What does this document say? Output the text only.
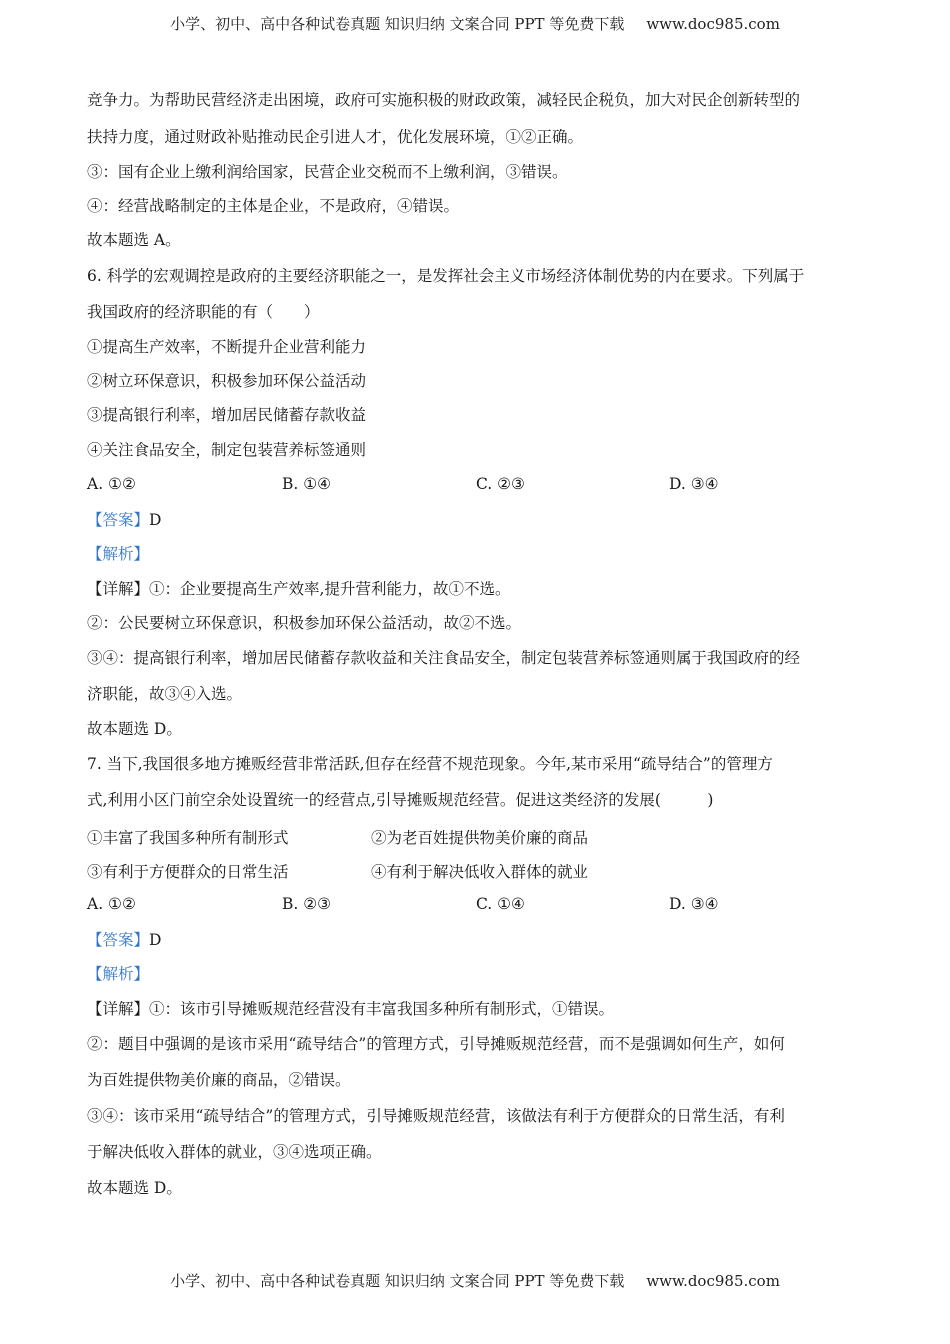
小学、初中、高中各种试卷真题 知识归纳 文案合同 PPT 等免费下载 www.doc985.com
竞争力。为帮助民营经济走出困境，政府可实施积极的财政政策，减轻民企税负，加大对民企创新转型的
扶持力度，通过财政补贴推动民企引进人才，优化发展环境，①②正确。
③：国有企业上缴利润给国家，民营企业交税而不上缴利润，③错误。
④：经营战略制定的主体是企业，不是政府，④错误。
故本题选 A。
6. 科学的宏观调控是政府的主要经济职能之一，是发挥社会主义市场经济体制优势的内在要求。下列属于
我国政府的经济职能的有（　　）
①提高生产效率，不断提升企业营利能力
②树立环保意识，积极参加环保公益活动
③提高银行利率，增加居民储蓄存款收益
④关注食品安全，制定包装营养标签通则
A. ①②	B. ①④	C. ②③	D. ③④
【答案】D
【解析】
【详解】①：企业要提高生产效率,提升营利能力，故①不选。
②：公民要树立环保意识，积极参加环保公益活动，故②不选。
③④：提高银行利率，增加居民储蓄存款收益和关注食品安全，制定包装营养标签通则属于我国政府的经
济职能，故③④入选。
故本题选 D。
7. 当下,我国很多地方摊贩经营非常活跃,但存在经营不规范现象。今年,某市采用“疏导结合”的管理方
式,利用小区门前空余处设置统一的经营点,引导摊贩规范经营。促进这类经济的发展(　　　)
①丰富了我国多种所有制形式	②为老百姓提供物美价廉的商品
③有利于方便群众的日常生活	④有利于解决低收入群体的就业
A. ①②	B. ②③	C. ①④	D. ③④
【答案】D
【解析】
【详解】①：该市引导摊贩规范经营没有丰富我国多种所有制形式，①错误。
②：题目中强调的是该市采用“疏导结合”的管理方式，引导摊贩规范经营，而不是强调如何生产，如何
为百姓提供物美价廉的商品，②错误。
③④：该市采用“疏导结合”的管理方式，引导摊贩规范经营，该做法有利于方便群众的日常生活，有利
于解决低收入群体的就业，③④选项正确。
故本题选 D。
小学、初中、高中各种试卷真题 知识归纳 文案合同 PPT 等免费下载 www.doc985.com
